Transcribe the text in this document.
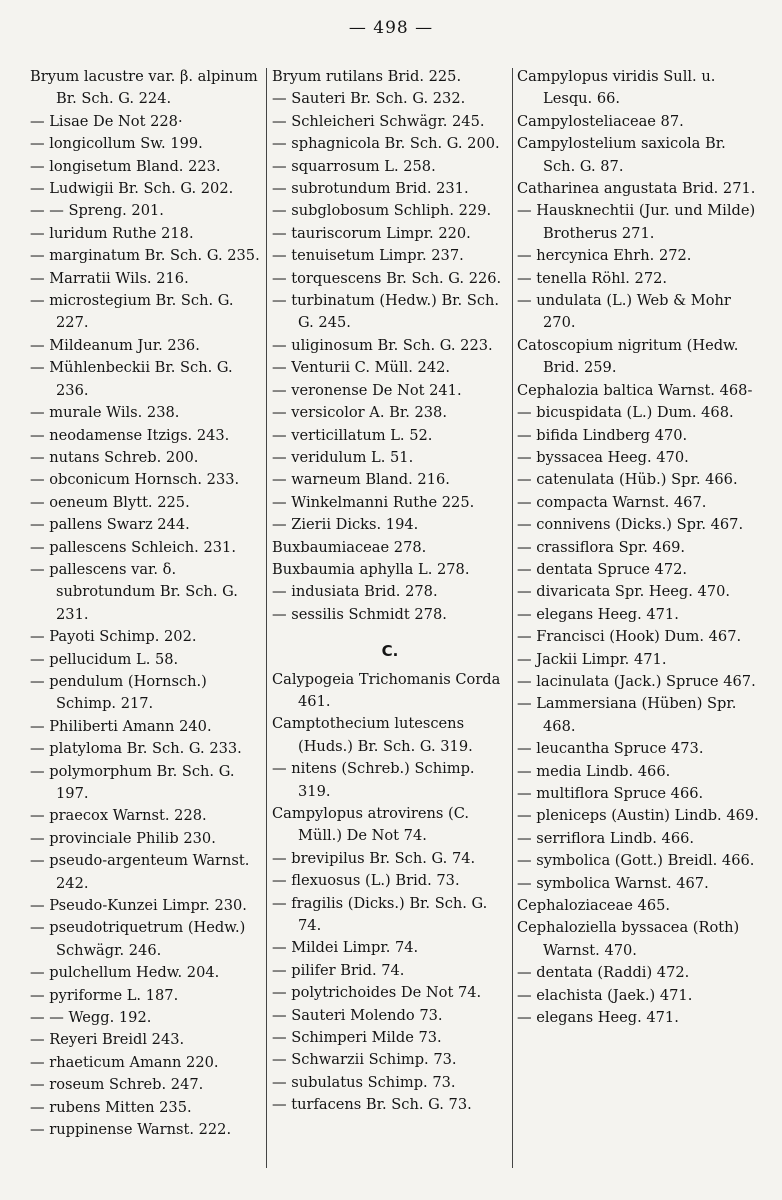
— 498 —
Bryum lacustre var. β. alpinum Br. Sch. G. 224.
— Lisae De Not 228·
— longicollum Sw. 199.
— longisetum Bland. 223.
— Ludwigii Br. Sch. G. 202.
— — Spreng. 201.
— luridum Ruthe 218.
— marginatum Br. Sch. G. 235.
— Marratii Wils. 216.
— microstegium Br. Sch. G. 227.
— Mildeanum Jur. 236.
— Mühlenbeckii Br. Sch. G. 236.
— murale Wils. 238.
— neodamense Itzigs. 243.
— nutans Schreb. 200.
— obconicum Hornsch. 233.
— oeneum Blytt. 225.
— pallens Swarz 244.
— pallescens Schleich. 231.
— pallescens var. δ. subrotundum Br. Sch. G. 231.
— Payoti Schimp. 202.
— pellucidum L. 58.
— pendulum (Hornsch.) Schimp. 217.
— Philiberti Amann 240.
— platyloma Br. Sch. G. 233.
— polymorphum Br. Sch. G. 197.
— praecox Warnst. 228.
— provinciale Philib 230.
— pseudo-argenteum Warnst. 242.
— Pseudo-Kunzei Limpr. 230.
— pseudotriquetrum (Hedw.) Schwägr. 246.
— pulchellum Hedw. 204.
— pyriforme L. 187.
— — Wegg. 192.
— Reyeri Breidl 243.
— rhaeticum Amann 220.
— roseum Schreb. 247.
— rubens Mitten 235.
— ruppinense Warnst. 222.
Bryum rutilans Brid. 225.
— Sauteri Br. Sch. G. 232.
— Schleicheri Schwägr. 245.
— sphagnicola Br. Sch. G. 200.
— squarrosum L. 258.
— subrotundum Brid. 231.
— subglobosum Schliph. 229.
— tauriscorum Limpr. 220.
— tenuisetum Limpr. 237.
— torquescens Br. Sch. G. 226.
— turbinatum (Hedw.) Br. Sch. G. 245.
— uliginosum Br. Sch. G. 223.
— Venturii C. Müll. 242.
— veronense De Not 241.
— versicolor A. Br. 238.
— verticillatum L. 52.
— veridulum L. 51.
— warneum Bland. 216.
— Winkelmanni Ruthe 225.
— Zierii Dicks. 194.
Buxbaumiaceae 278.
Buxbaumia aphylla L. 278.
— indusiata Brid. 278.
— sessilis Schmidt 278.
C.
Calypogeia Trichomanis Corda 461.
Camptothecium lutescens (Huds.) Br. Sch. G. 319.
— nitens (Schreb.) Schimp. 319.
Campylopus atrovirens (C. Müll.) De Not 74.
— brevipilus Br. Sch. G. 74.
— flexuosus (L.) Brid. 73.
— fragilis (Dicks.) Br. Sch. G. 74.
— Mildei Limpr. 74.
— pilifer Brid. 74.
— polytrichoides De Not 74.
— Sauteri Molendo 73.
— Schimperi Milde 73.
— Schwarzii Schimp. 73.
— subulatus Schimp. 73.
— turfacens Br. Sch. G. 73.
Campylopus viridis Sull. u. Lesqu. 66.
Campylosteliaceae 87.
Campylostelium saxicola Br. Sch. G. 87.
Catharinea angustata Brid. 271.
— Hausknechtii (Jur. und Milde) Brotherus 271.
— hercynica Ehrh. 272.
— tenella Röhl. 272.
— undulata (L.) Web & Mohr 270.
Catoscopium nigritum (Hedw. Brid. 259.
Cephalozia baltica Warnst. 468-
— bicuspidata (L.) Dum. 468.
— bifida Lindberg 470.
— byssacea Heeg. 470.
— catenulata (Hüb.) Spr. 466.
— compacta Warnst. 467.
— connivens (Dicks.) Spr. 467.
— crassiflora Spr. 469.
— dentata Spruce 472.
— divaricata Spr. Heeg. 470.
— elegans Heeg. 471.
— Francisci (Hook) Dum. 467.
— Jackii Limpr. 471.
— lacinulata (Jack.) Spruce 467.
— Lammersiana (Hüben) Spr. 468.
— leucantha Spruce 473.
— media Lindb. 466.
— multiflora Spruce 466.
— pleniceps (Austin) Lindb. 469.
— serriflora Lindb. 466.
— symbolica (Gott.) Breidl. 466.
— symbolica Warnst. 467.
Cephaloziaceae 465.
Cephaloziella byssacea (Roth) Warnst. 470.
— dentata (Raddi) 472.
— elachista (Jaek.) 471.
— elegans Heeg. 471.
